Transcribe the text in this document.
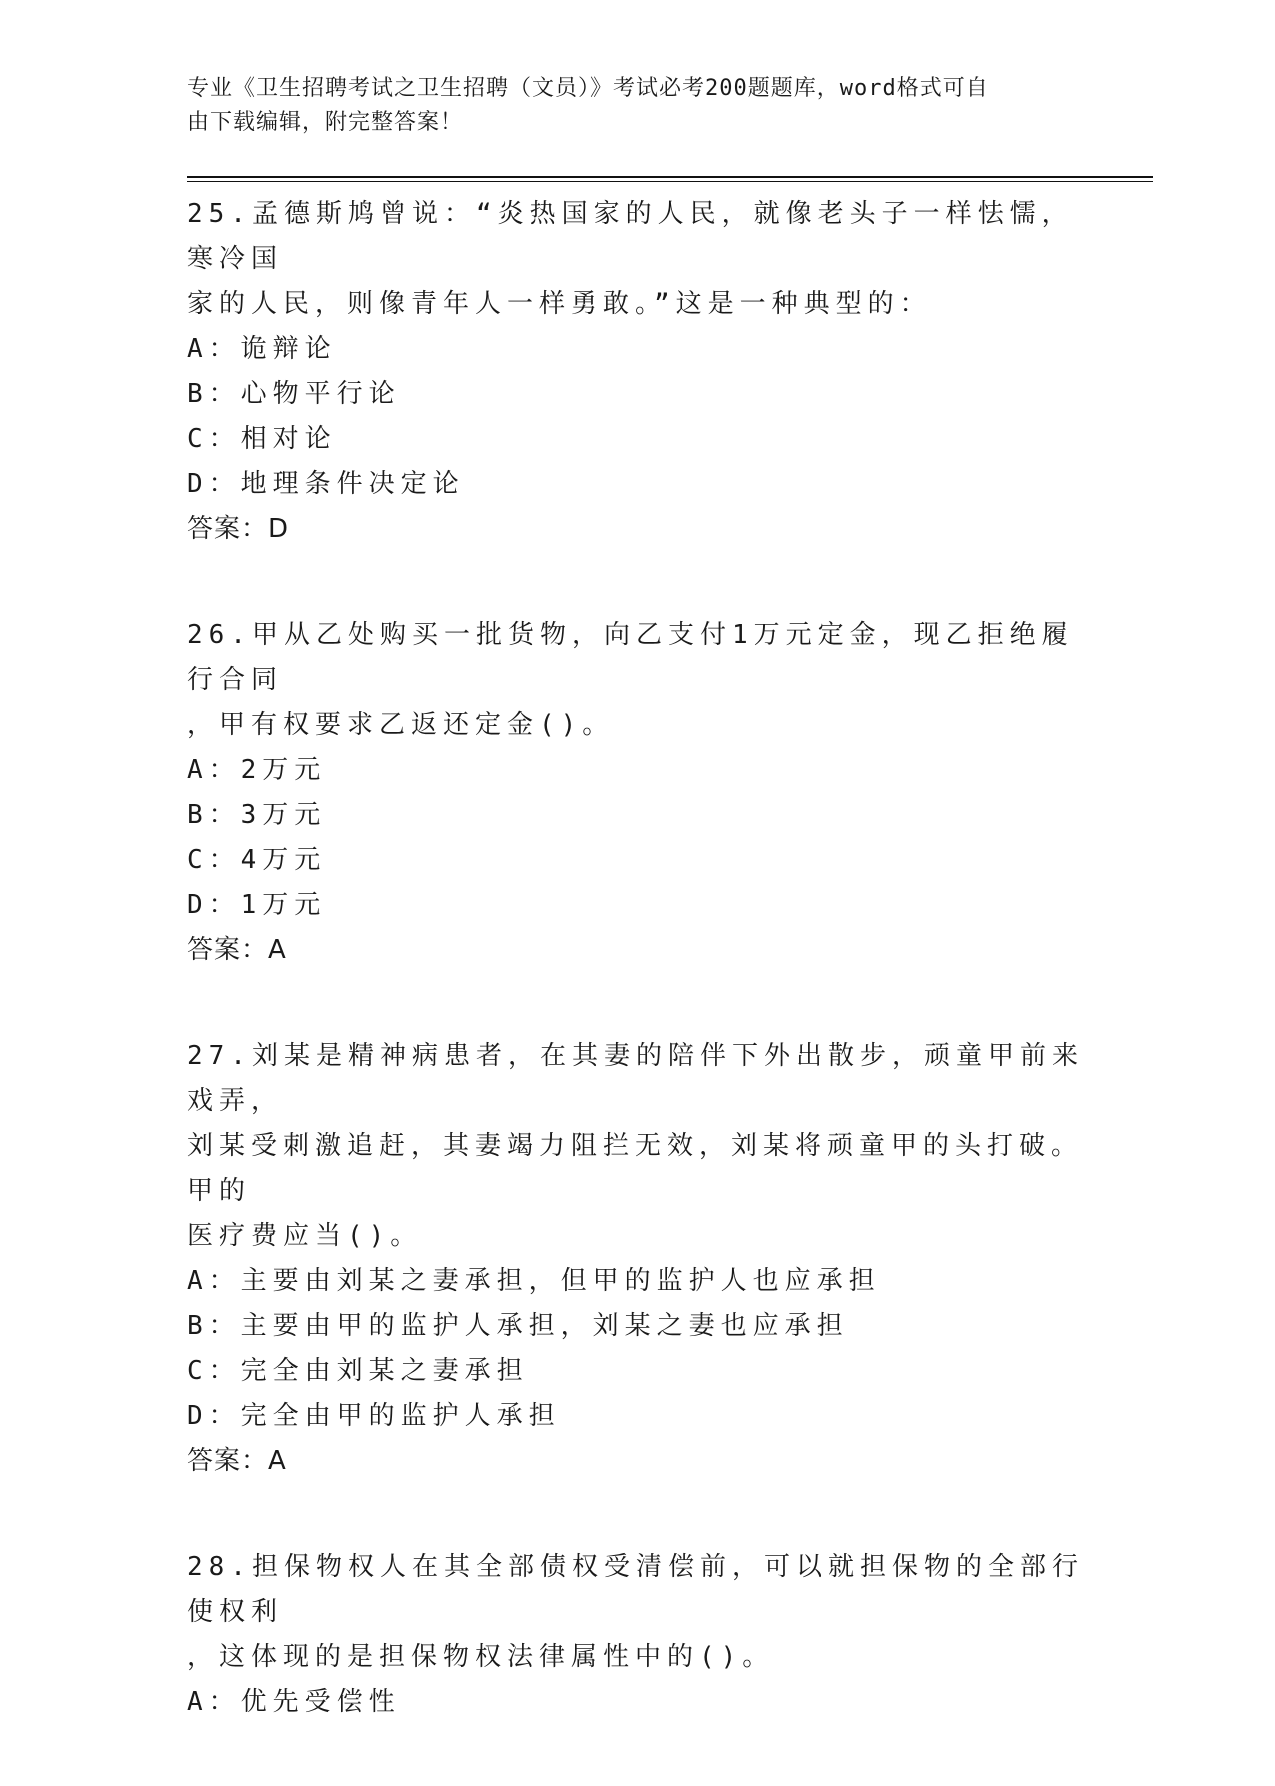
专业《卫生招聘考试之卫生招聘（文员）》考试必考200题题库，word格式可自
由下载编辑，附完整答案！
25.孟德斯鸠曾说：“炎热国家的人民，就像老头子一样怯懦，寒冷国
家的人民，则像青年人一样勇敢。”这是一种典型的：
A：诡辩论
B：心物平行论
C：相对论
D：地理条件决定论
答案：D
26.甲从乙处购买一批货物，向乙支付1万元定金，现乙拒绝履行合同
，甲有权要求乙返还定金()。
A：2万元
B：3万元
C：4万元
D：1万元
答案：A
27.刘某是精神病患者，在其妻的陪伴下外出散步，顽童甲前来戏弄，
刘某受刺激追赶，其妻竭力阻拦无效，刘某将顽童甲的头打破。甲的
医疗费应当()。
A：主要由刘某之妻承担，但甲的监护人也应承担
B：主要由甲的监护人承担，刘某之妻也应承担
C：完全由刘某之妻承担
D：完全由甲的监护人承担
答案：A
28.担保物权人在其全部债权受清偿前，可以就担保物的全部行使权利
，这体现的是担保物权法律属性中的()。
A：优先受偿性
